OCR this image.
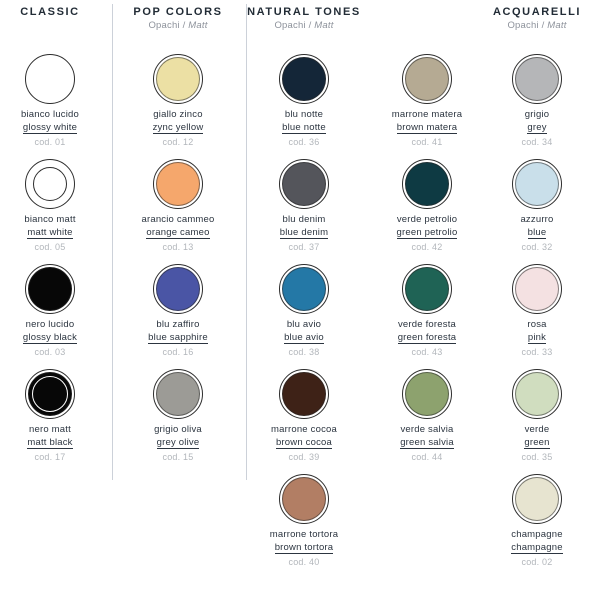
CLASSIC
bianco lucido
glossy white
cod. 01
bianco matt
matt white
cod. 05
nero lucido
glossy black
cod. 03
nero matt
matt black
cod. 17
POP COLORS
Opachi / Matt
giallo zinco
zync yellow
cod. 12
arancio cammeo
orange cameo
cod. 13
blu zaffiro
blue sapphire
cod. 16
grigio oliva
grey olive
cod. 15
NATURAL TONES
Opachi / Matt
blu notte
blue notte
cod. 36
blu denim
blue denim
cod. 37
blu avio
blue avio
cod. 38
marrone cocoa
brown cocoa
cod. 39
marrone tortora
brown tortora
cod. 40
marrone matera
brown matera
cod. 41
verde petrolio
green petrolio
cod. 42
verde foresta
green foresta
cod. 43
verde salvia
green salvia
cod. 44
ACQUARELLI
Opachi / Matt
grigio
grey
cod. 34
azzurro
blue
cod. 32
rosa
pink
cod. 33
verde
green
cod. 35
champagne
champagne
cod. 02
